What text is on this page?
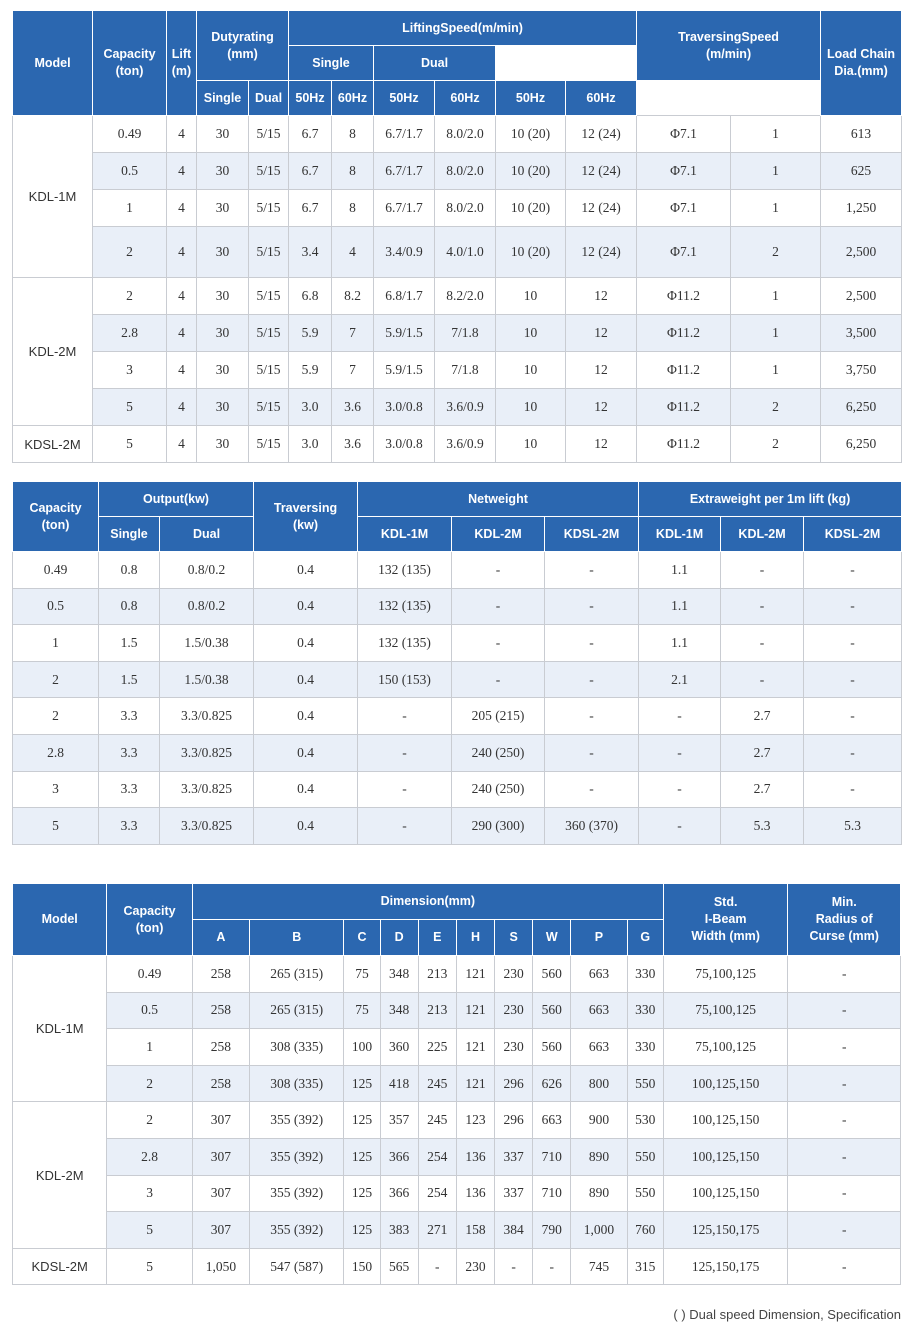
Model	Capacity
(ton)	Lift
(m)	Dutyrating
(mm)		LiftingSpeed(m/min)						TraversingSpeed
(m/min)		Load Chain
Dia.(mm)	

					Single		Dual							
			Single	Dual	50Hz	60Hz	50Hz	60Hz	50Hz	60Hz				
KDL-1M	0.49	4	30	5/15	6.7	8	6.7/1.7	8.0/2.0	10 (20)	12 (24)	Φ7.1	1	613	
	0.5	4	30	5/15	6.7	8	6.7/1.7	8.0/2.0	10 (20)	12 (24)	Φ7.1	1	625	
	1	4	30	5/15	6.7	8	6.7/1.7	8.0/2.0	10 (20)	12 (24)	Φ7.1	1	1,250	
	2	4	30	5/15	3.4	4	3.4/0.9	4.0/1.0	10 (20)	12 (24)	Φ7.1	2	2,500	
KDL-2M	2	4	30	5/15	6.8	8.2	6.8/1.7	8.2/2.0	10	12	Φ11.2	1	2,500	
	2.8	4	30	5/15	5.9	7	5.9/1.5	7/1.8	10	12	Φ11.2	1	3,500	
	3	4	30	5/15	5.9	7	5.9/1.5	7/1.8	10	12	Φ11.2	1	3,750	
	5	4	30	5/15	3.0	3.6	3.0/0.8	3.6/0.9	10	12	Φ11.2	2	6,250	
KDSL-2M	5	4	30	5/15	3.0	3.6	3.0/0.8	3.6/0.9	10	12	Φ11.2	2	6,250	
Capacity
(ton)	Output(kw)		Traversing
(kw)	Netweight			Extraweight per 1m lift (kg)		
	Single	Dual		KDL-1M	KDL-2M	KDSL-2M	KDL-1M	KDL-2M	KDSL-2M
0.49	0.8	0.8/0.2	0.4	132 (135)	-	-	1.1	-	-
0.5	0.8	0.8/0.2	0.4	132 (135)	-	-	1.1	-	-
1	1.5	1.5/0.38	0.4	132 (135)	-	-	1.1	-	-
2	1.5	1.5/0.38	0.4	150 (153)	-	-	2.1	-	-
2	3.3	3.3/0.825	0.4	-	205 (215)	-	-	2.7	-
2.8	3.3	3.3/0.825	0.4	-	240 (250)	-	-	2.7	-
3	3.3	3.3/0.825	0.4	-	240 (250)	-	-	2.7	-
5	3.3	3.3/0.825	0.4	-	290 (300)	360 (370)	-	5.3	5.3
Model	Capacity
(ton)	Dimension(mm)										Std.
I-Beam
Width (mm)	Min.
Radius of
Curse (mm)
		A	B	C	D	E	H	S	W	P	G		
KDL-1M	0.49	258	265 (315)	75	348	213	121	230	560	663	330	75,100,125	-
	0.5	258	265 (315)	75	348	213	121	230	560	663	330	75,100,125	-
	1	258	308 (335)	100	360	225	121	230	560	663	330	75,100,125	-
	2	258	308 (335)	125	418	245	121	296	626	800	550	100,125,150	-
KDL-2M	2	307	355 (392)	125	357	245	123	296	663	900	530	100,125,150	-
	2.8	307	355 (392)	125	366	254	136	337	710	890	550	100,125,150	-
	3	307	355 (392)	125	366	254	136	337	710	890	550	100,125,150	-
	5	307	355 (392)	125	383	271	158	384	790	1,000	760	125,150,175	-
KDSL-2M	5	1,050	547 (587)	150	565	-	230	-	-	745	315	125,150,175	-
( ) Dual speed Dimension, Specification
